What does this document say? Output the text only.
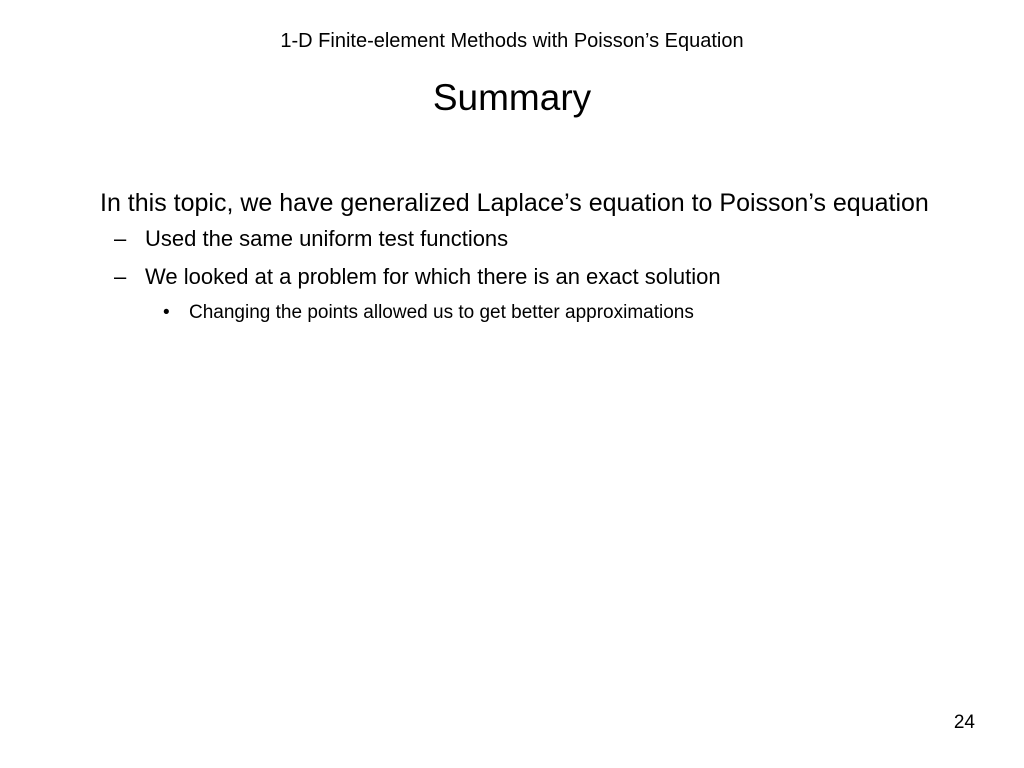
1-D Finite-element Methods with Poisson’s Equation
Summary
In this topic, we have generalized Laplace’s equation to Poisson’s equation
– Used the same uniform test functions
– We looked at a problem for which there is an exact solution
• Changing the points allowed us to get better approximations
24
